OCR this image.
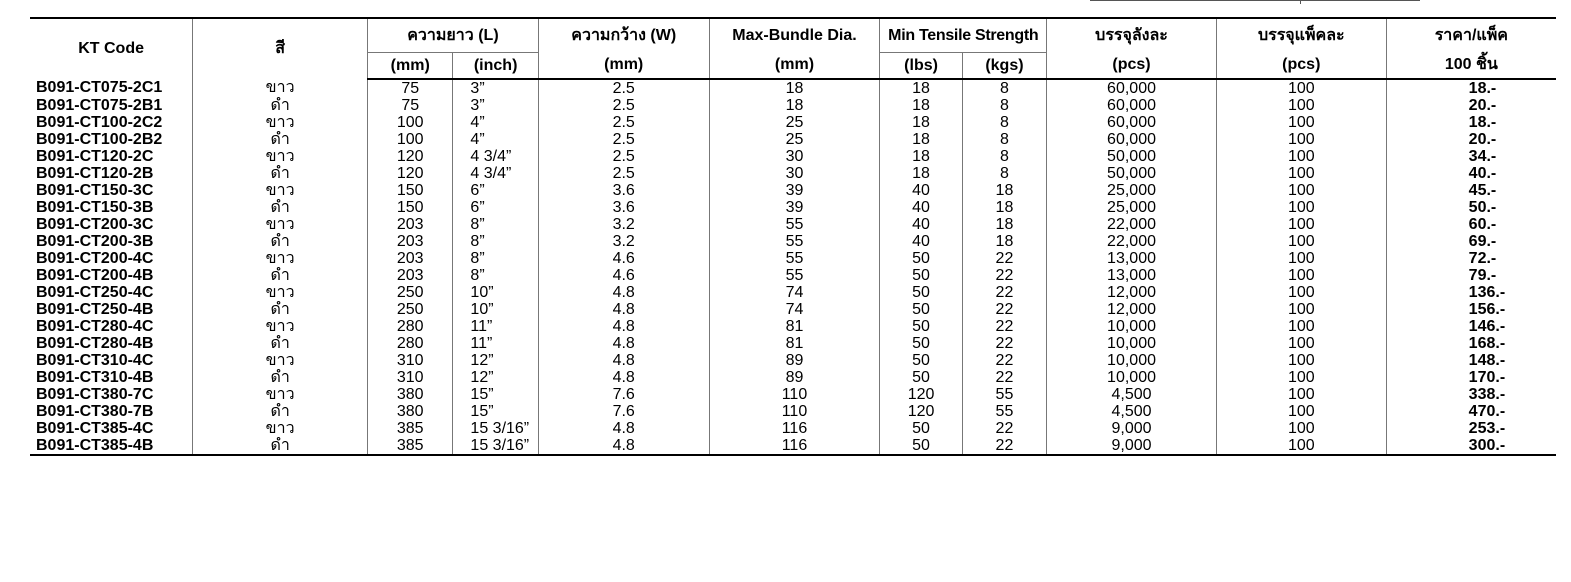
KT Code	สี	ความยาว (L)		ความกว้าง (W)	Max-Bundle Dia.	Min Tensile Strength		บรรจุลังละ	บรรจุแพ็คละ	ราคา/แพ็ค
		(mm)	(inch)	(mm)	(mm)	(lbs)	(kgs)	(pcs)	(pcs)	100 ชิ้น
B091-CT075-2C1	ขาว	75	3”	2.5	18	18	8	60,000	100	18.-
B091-CT075-2B1	ดำ	75	3”	2.5	18	18	8	60,000	100	20.-
B091-CT100-2C2	ขาว	100	4”	2.5	25	18	8	60,000	100	18.-
B091-CT100-2B2	ดำ	100	4”	2.5	25	18	8	60,000	100	20.-
B091-CT120-2C	ขาว	120	4 3/4”	2.5	30	18	8	50,000	100	34.-
B091-CT120-2B	ดำ	120	4 3/4”	2.5	30	18	8	50,000	100	40.-
B091-CT150-3C	ขาว	150	6”	3.6	39	40	18	25,000	100	45.-
B091-CT150-3B	ดำ	150	6”	3.6	39	40	18	25,000	100	50.-
B091-CT200-3C	ขาว	203	8”	3.2	55	40	18	22,000	100	60.-
B091-CT200-3B	ดำ	203	8”	3.2	55	40	18	22,000	100	69.-
B091-CT200-4C	ขาว	203	8”	4.6	55	50	22	13,000	100	72.-
B091-CT200-4B	ดำ	203	8”	4.6	55	50	22	13,000	100	79.-
B091-CT250-4C	ขาว	250	10”	4.8	74	50	22	12,000	100	136.-
B091-CT250-4B	ดำ	250	10”	4.8	74	50	22	12,000	100	156.-
B091-CT280-4C	ขาว	280	11”	4.8	81	50	22	10,000	100	146.-
B091-CT280-4B	ดำ	280	11”	4.8	81	50	22	10,000	100	168.-
B091-CT310-4C	ขาว	310	12”	4.8	89	50	22	10,000	100	148.-
B091-CT310-4B	ดำ	310	12”	4.8	89	50	22	10,000	100	170.-
B091-CT380-7C	ขาว	380	15”	7.6	110	120	55	4,500	100	338.-
B091-CT380-7B	ดำ	380	15”	7.6	110	120	55	4,500	100	470.-
B091-CT385-4C	ขาว	385	15 3/16”	4.8	116	50	22	9,000	100	253.-
B091-CT385-4B	ดำ	385	15 3/16”	4.8	116	50	22	9,000	100	300.-
